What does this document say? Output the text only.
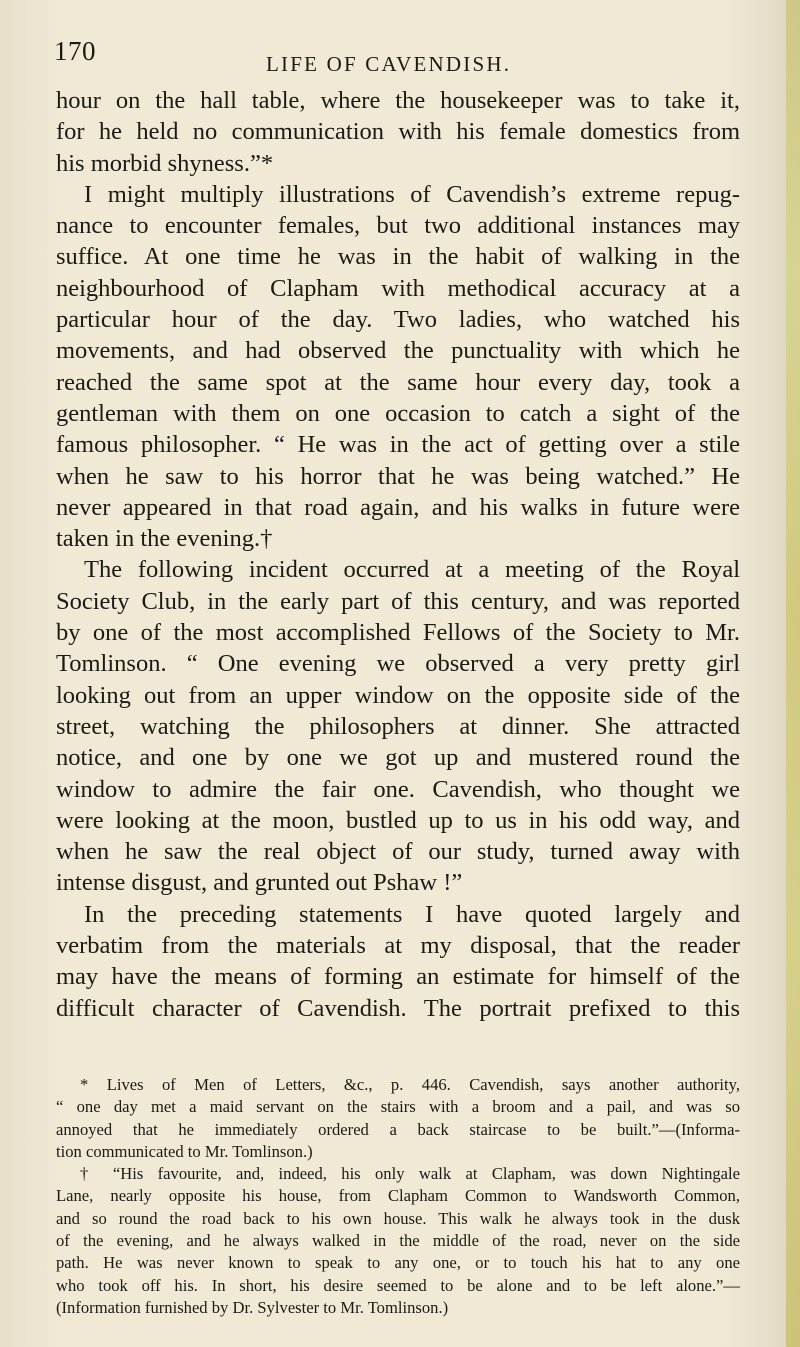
170	LIFE OF CAVENDISH.
hour on the hall table, where the housekeeper was to take it,
for he held no communication with his female domestics from
his morbid shyness.”*
I might multiply illustrations of Cavendish’s extreme repug-
nance to encounter females, but two additional instances may
suffice. At one time he was in the habit of walking in the
neighbourhood of Clapham with methodical accuracy at a
particular hour of the day. Two ladies, who watched his
movements, and had observed the punctuality with which he
reached the same spot at the same hour every day, took a
gentleman with them on one occasion to catch a sight of the
famous philosopher. “ He was in the act of getting over a stile
when he saw to his horror that he was being watched.” He
never appeared in that road again, and his walks in future were
taken in the evening.†
The following incident occurred at a meeting of the Royal
Society Club, in the early part of this century, and was reported
by one of the most accomplished Fellows of the Society to Mr.
Tomlinson. “ One evening we observed a very pretty girl
looking out from an upper window on the opposite side of the
street, watching the philosophers at dinner. She attracted
notice, and one by one we got up and mustered round the
window to admire the fair one. Cavendish, who thought we
were looking at the moon, bustled up to us in his odd way, and
when he saw the real object of our study, turned away with
intense disgust, and grunted out Pshaw !”
In the preceding statements I have quoted largely and
verbatim from the materials at my disposal, that the reader
may have the means of forming an estimate for himself of the
difficult character of Cavendish. The portrait prefixed to this
* Lives of Men of Letters, &c., p. 446. Cavendish, says another authority,
“ one day met a maid servant on the stairs with a broom and a pail, and was so
annoyed that he immediately ordered a back staircase to be built.”—(Informa-
tion communicated to Mr. Tomlinson.)
† “His favourite, and, indeed, his only walk at Clapham, was down Nightingale
Lane, nearly opposite his house, from Clapham Common to Wandsworth Common,
and so round the road back to his own house. This walk he always took in the dusk
of the evening, and he always walked in the middle of the road, never on the side
path. He was never known to speak to any one, or to touch his hat to any one
who took off his. In short, his desire seemed to be alone and to be left alone.”—
(Information furnished by Dr. Sylvester to Mr. Tomlinson.)
